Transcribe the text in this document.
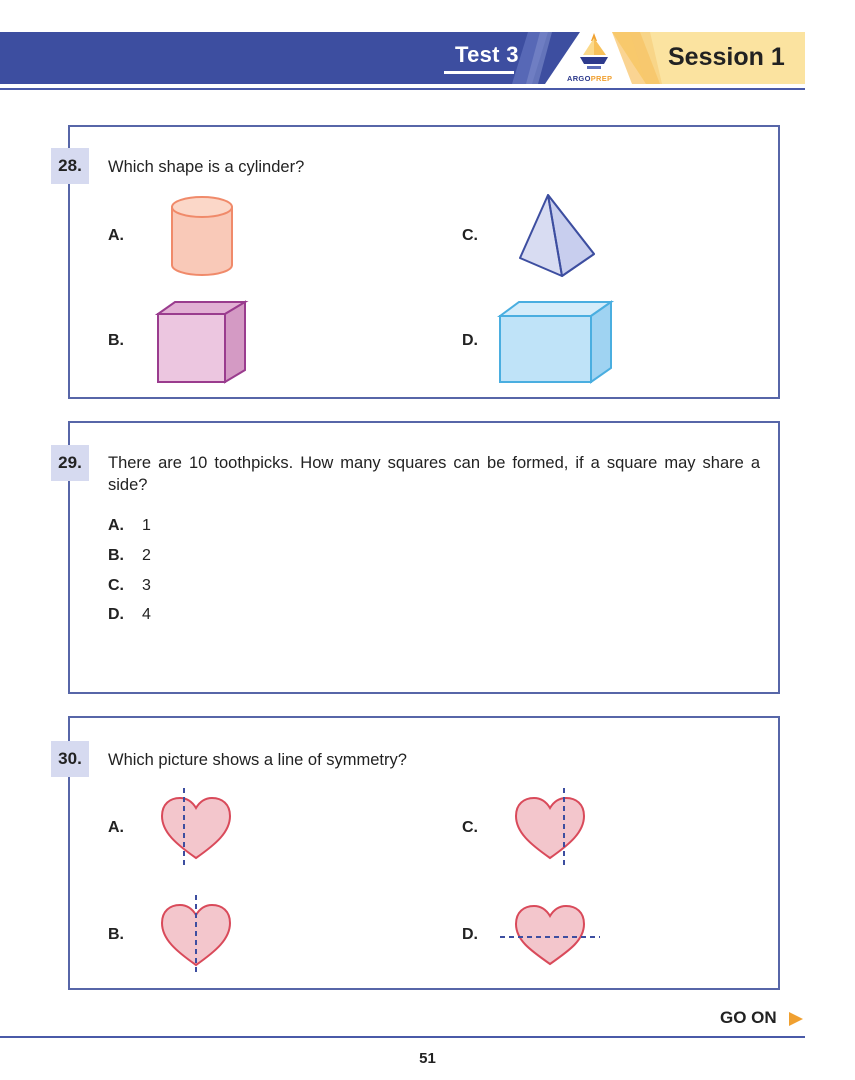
Test 3
ARGOPREP
Session 1
28.	Which shape is a cylinder?
A.	C.
B.	D.
29.	There are 10 toothpicks. How many squares can be formed, if a square may share a side?
A. 1
B. 2
C. 3
D. 4
30.	Which picture shows a line of symmetry?
A.	C.
B.	D.
GO ON
51
